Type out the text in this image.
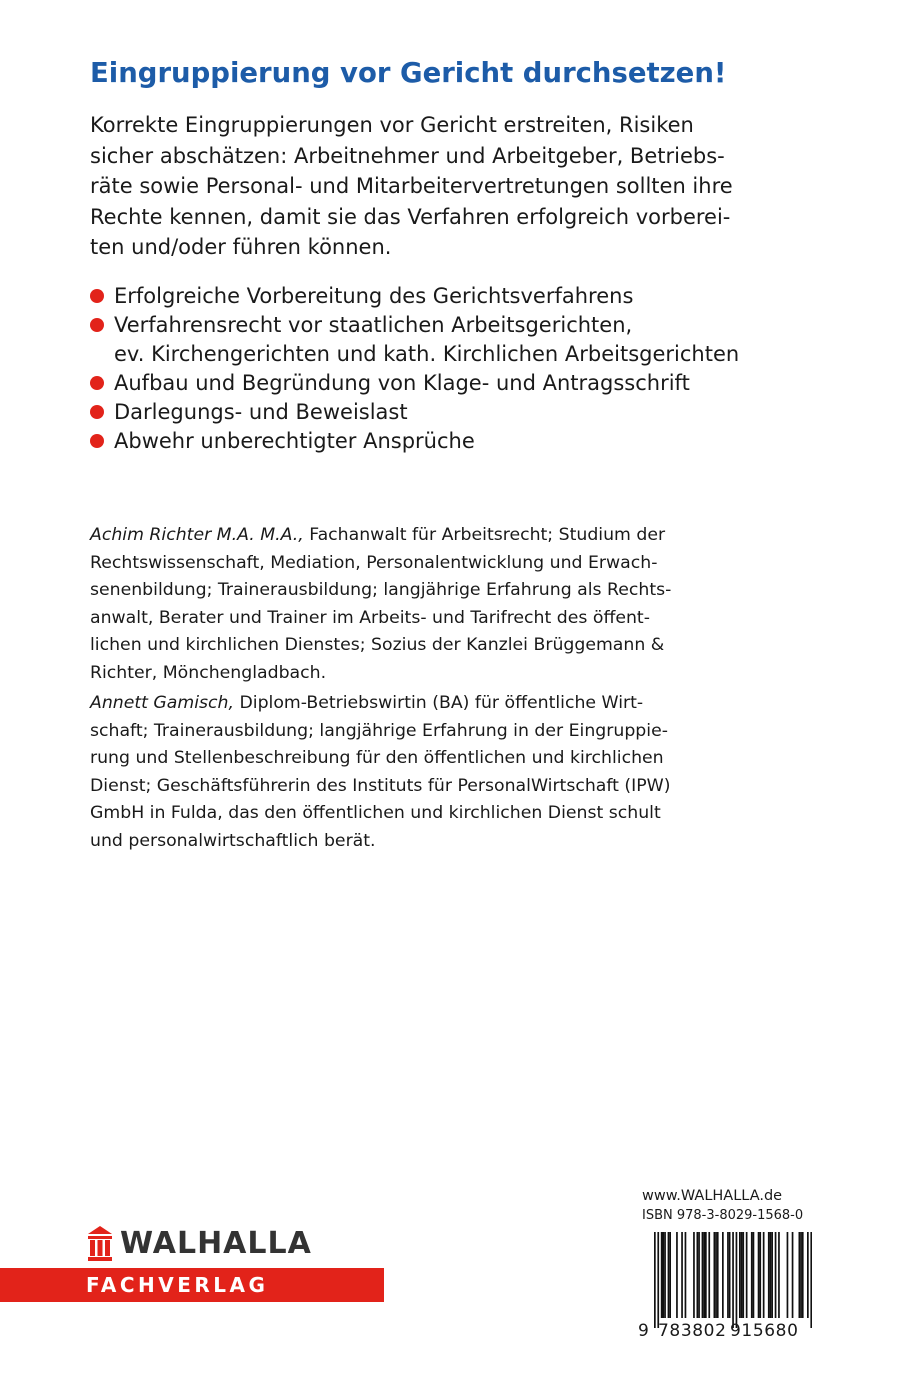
Eingruppierung vor Gericht durchsetzen!
Korrekte Eingruppierungen vor Gericht erstreiten, Risiken
sicher abschätzen: Arbeitnehmer und Arbeitgeber, Betriebs-
räte sowie Personal- und Mitarbeitervertretungen sollten ihre
Rechte kennen, damit sie das Verfahren erfolgreich vorberei-
ten und/oder führen können.
Erfolgreiche Vorbereitung des Gerichtsverfahrens
Verfahrensrecht vor staatlichen Arbeitsgerichten,
ev. Kirchengerichten und kath. Kirchlichen Arbeitsgerichten
Aufbau und Begründung von Klage- und Antragsschrift
Darlegungs- und Beweislast
Abwehr unberechtigter Ansprüche
Achim Richter M.A. M.A., Fachanwalt für Arbeitsrecht; Studium der
Rechtswissenschaft, Mediation, Personalentwicklung und Erwach-
senenbildung; Trainerausbildung; langjährige Erfahrung als Rechts-
anwalt, Berater und Trainer im Arbeits- und Tarifrecht des öffent-
lichen und kirchlichen Dienstes; Sozius der Kanzlei Brüggemann &
Richter, Mönchengladbach.
Annett Gamisch, Diplom-Betriebswirtin (BA) für öffentliche Wirt-
schaft; Trainerausbildung; langjährige Erfahrung in der Eingruppie-
rung und Stellenbeschreibung für den öffentlichen und kirchlichen
Dienst; Geschäftsführerin des Instituts für PersonalWirtschaft (IPW)
GmbH in Fulda, das den öffentlichen und kirchlichen Dienst schult
und personalwirtschaftlich berät.
WALHALLA
FACHVERLAG
www.WALHALLA.de
ISBN 978-3-8029-1568-0
9 783802 915680
